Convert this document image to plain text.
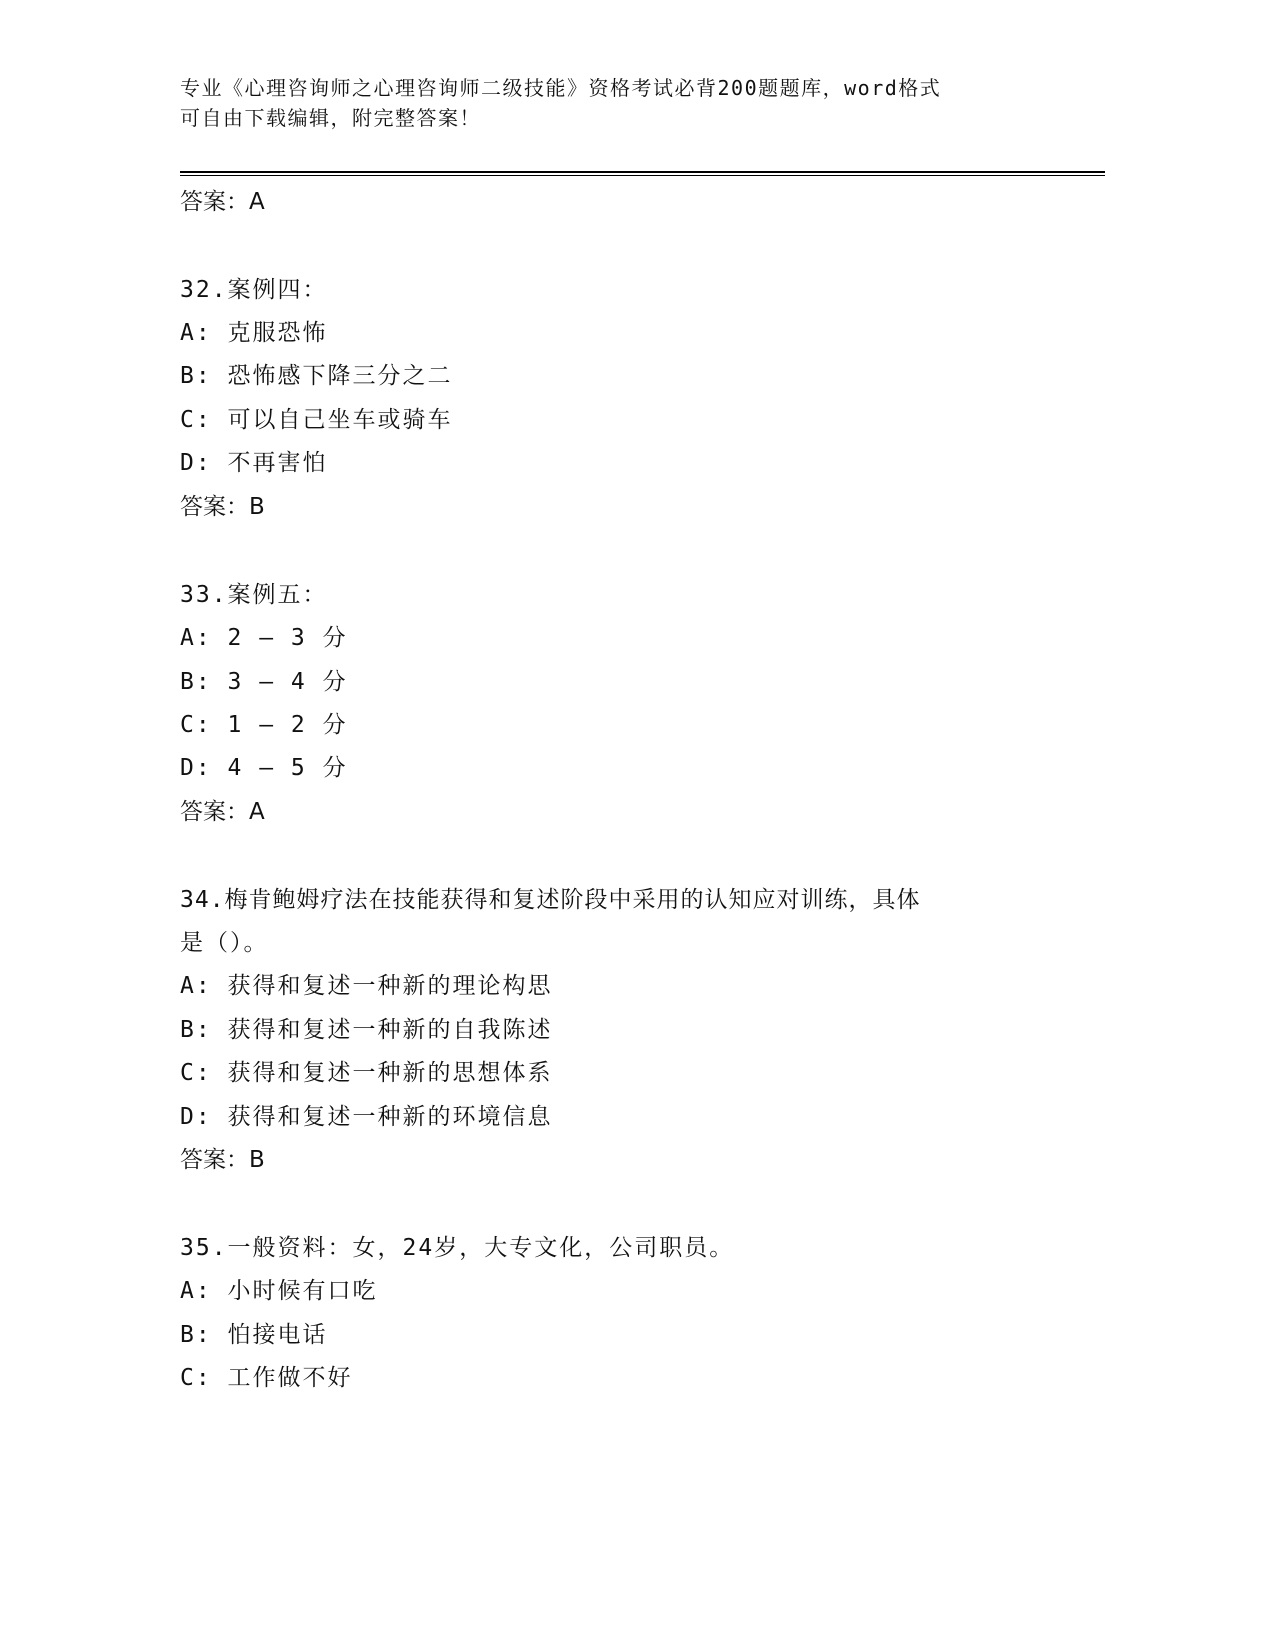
专业《心理咨询师之心理咨询师二级技能》资格考试必背200题题库，word格式
可自由下载编辑，附完整答案！
答案：A
32.案例四：
A: 克服恐怖
B: 恐怖感下降三分之二
C: 可以自己坐车或骑车
D: 不再害怕
答案：B
33.案例五：
A: 2 — 3 分
B: 3 — 4 分
C: 1 — 2 分
D: 4 — 5 分
答案：A
34.梅肯鲍姆疗法在技能获得和复述阶段中采用的认知应对训练，具体
是（）。
A: 获得和复述一种新的理论构思
B: 获得和复述一种新的自我陈述
C: 获得和复述一种新的思想体系
D: 获得和复述一种新的环境信息
答案：B
35.一般资料：女，24岁，大专文化，公司职员。
A: 小时候有口吃
B: 怕接电话
C: 工作做不好
